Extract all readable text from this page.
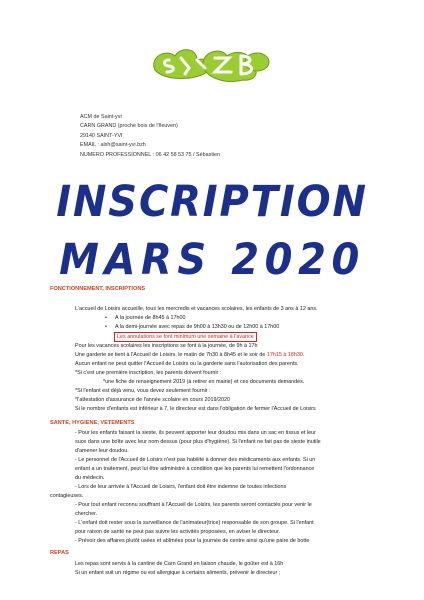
ACM de Saint-yvi
CARN GRAND (proche bois de l'Ileuven)
29140 SAINT-YVI
EMAIL : alsh@saint-yvi.bzh
NUMERO PROFESSIONNEL : 06 42 58 53 75 / Sébastien
INSCRIPTION
MARS 2020
FONCTIONNEMENT, INSCRIPTIONS
L'accueil de Loisirs accueille, tous les mercredis et vacances scolaires, les enfants de 3 ans à 12 ans.
• A la journée de 8h45 à 17h00
• A la demi-journée avec repas de 9h00 à 13h30 ou de 12h00 à 17h00
Les annulations se font minimum une semaine à l'avance
Pour les vacances scolaires les inscriptions se font à la journée, de 9h à 17h
Une garderie se tient à l'Accueil de Loisirs, le matin de 7h30 à 8h45 et le soir de 17h15 à 18h30.
Aucun enfant ne peut quitter l'Accueil de Loisirs ou la garderie sans l'autorisation des parents.
*Si c'est une première inscription, les parents doivent fournir :
*une fiche de renseignement 2019 (à retirer en mairie) et ces documents demandés.
*Si l'enfant est déjà venu, vous devez seulement fournir :
*l'attestation d'assurance de l'année scolaire en cours 2019/2020
Si le nombre d'enfants est inférieur à 7, le directeur est dans l'obligation de fermer l'Accueil de Loisirs
SANTE, HYGIENE, VETEMENTS
- Pour les enfants faisant la sieste, ils peuvent apporter leur doudou mis dans un sac en tissus et leur
suce dans une boîte avec leur nom dessus (pour plus d'hygiène). Si l'enfant ne fait pas de sieste inutile
d'amener leur doudou.
- Le personnel de l'Accueil de Loisirs n'est pas habilité à donner des médicaments aux enfants. Si un
enfant a un traitement, peut lui être administré à condition que les parents lui remettent l'ordonnance
du médecin.
- Lors de leur arrivée à l'Accueil de Loisirs, l'enfant doit être indemne de toutes infections
contagieuses.
- Pour tout enfant reconnu souffrant à l'Accueil de Loisirs, les parents seront contactés pour venir le
chercher.
- L'enfant doit rester sous la surveillance de l'animateur(trice) responsable de son groupe. Si l'enfant
pour raison de santé ne peut pas suivre les activités proposées, en aviser le directeur.
- Prévoir des affaires plutôt usées et abîmées pour la journée de centre ainsi qu'une paire de botte
REPAS
Les repas sont servis à la cantine de Carn Grand en liaison chaude, le goûter est à 16h
Si un enfant suit un régime ou est allergique à certains aliments, prévenir le directeur ;
